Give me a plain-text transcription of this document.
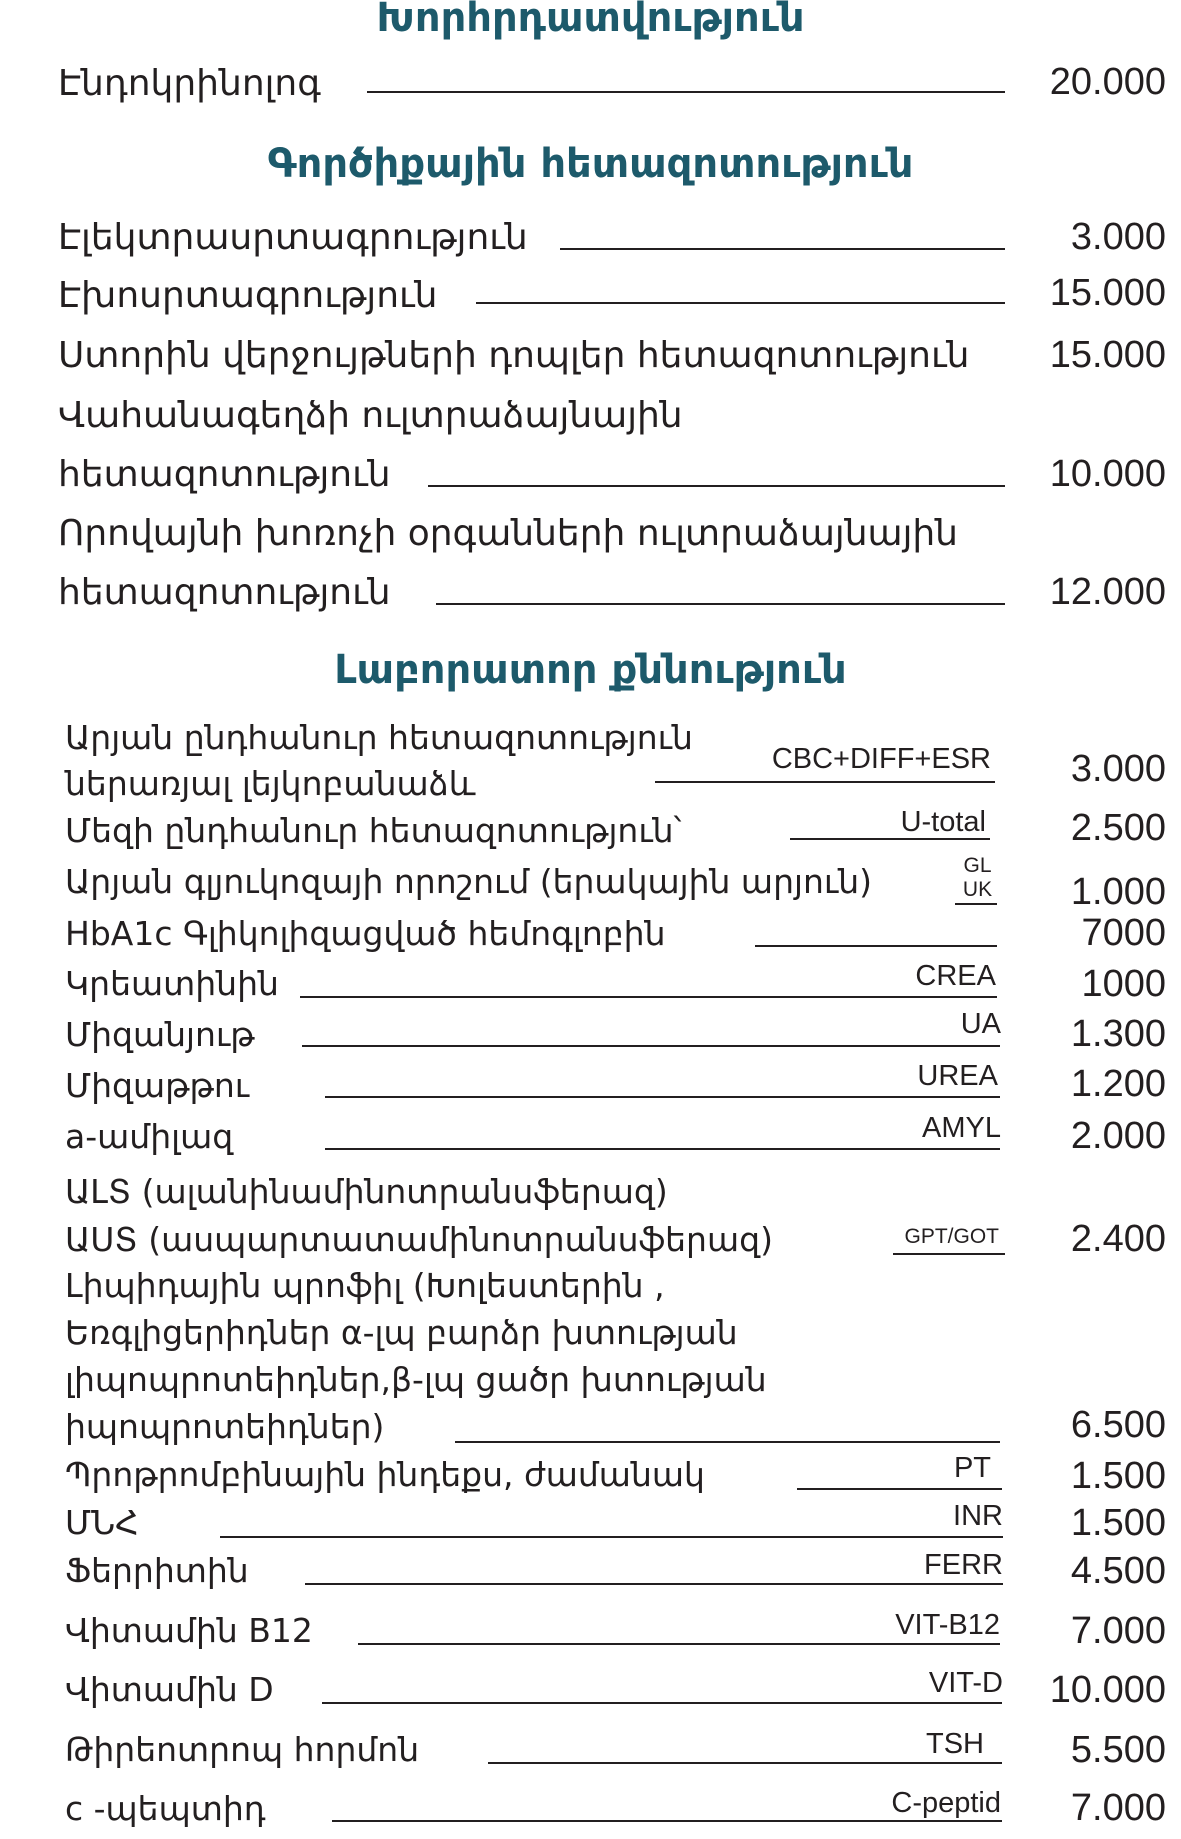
Խորհրդատվություն
Էնդոկրինոլոգ	20.000
Գործիքային հետազոտություն
Էլեկտրասրտագրություն	3.000
Էխոսրտագրություն	15.000
Ստորին վերջույթների դոպլեր հետազոտություն	15.000
Վահանագեղձի ուլտրաձայնային
հետազոտություն	10.000
Որովայնի խոռոչի օրգանների ուլտրաձայնային
հետազոտություն	12.000
Լաբորատոր քննություն
Արյան ընդհանուր հետազոտություն
ներառյալ լեյկոբանաձև
CBC+DIFF+ESR	3.000
Մեզի ընդհանուր հետազոտություն՝	U-total	2.500
Արյան գլյուկոզայի որոշում (երակային արյուն)	GL
UK	1.000
HbA1c Գլիկոլիզացված հեմոգլոբին	7000
Կրեատինին	CREA	1000
Միզանյութ	UA	1.300
Միզաթթու	UREA	1.200
a-ամիլազ	AMYL	2.000
ԱԼՏ (ալանինամինոտրանսֆերազ)
ԱՍՏ (ասպարտատամինոտրանսֆերազ)	GPT/GOT	2.400
Լիպիդային պրոֆիլ (Խոլեստերին ,
Եռգլիցերիդներ α-լպ բարձր խտության
լիպոպրոտեիդներ,β-լպ ցածր խտության
իպոպրոտեիդներ)	6.500
Պրոթրոմբինային ինդեքս, ժամանակ	PT	1.500
ՄՆՀ	INR	1.500
Ֆերրիտին	FERR	4.500
Վիտամին B12	VIT-B12	7.000
Վիտամին D	VIT-D	10.000
Թիրեոտրոպ հորմոն	TSH	5.500
c -պեպտիդ	C-peptid	7.000
